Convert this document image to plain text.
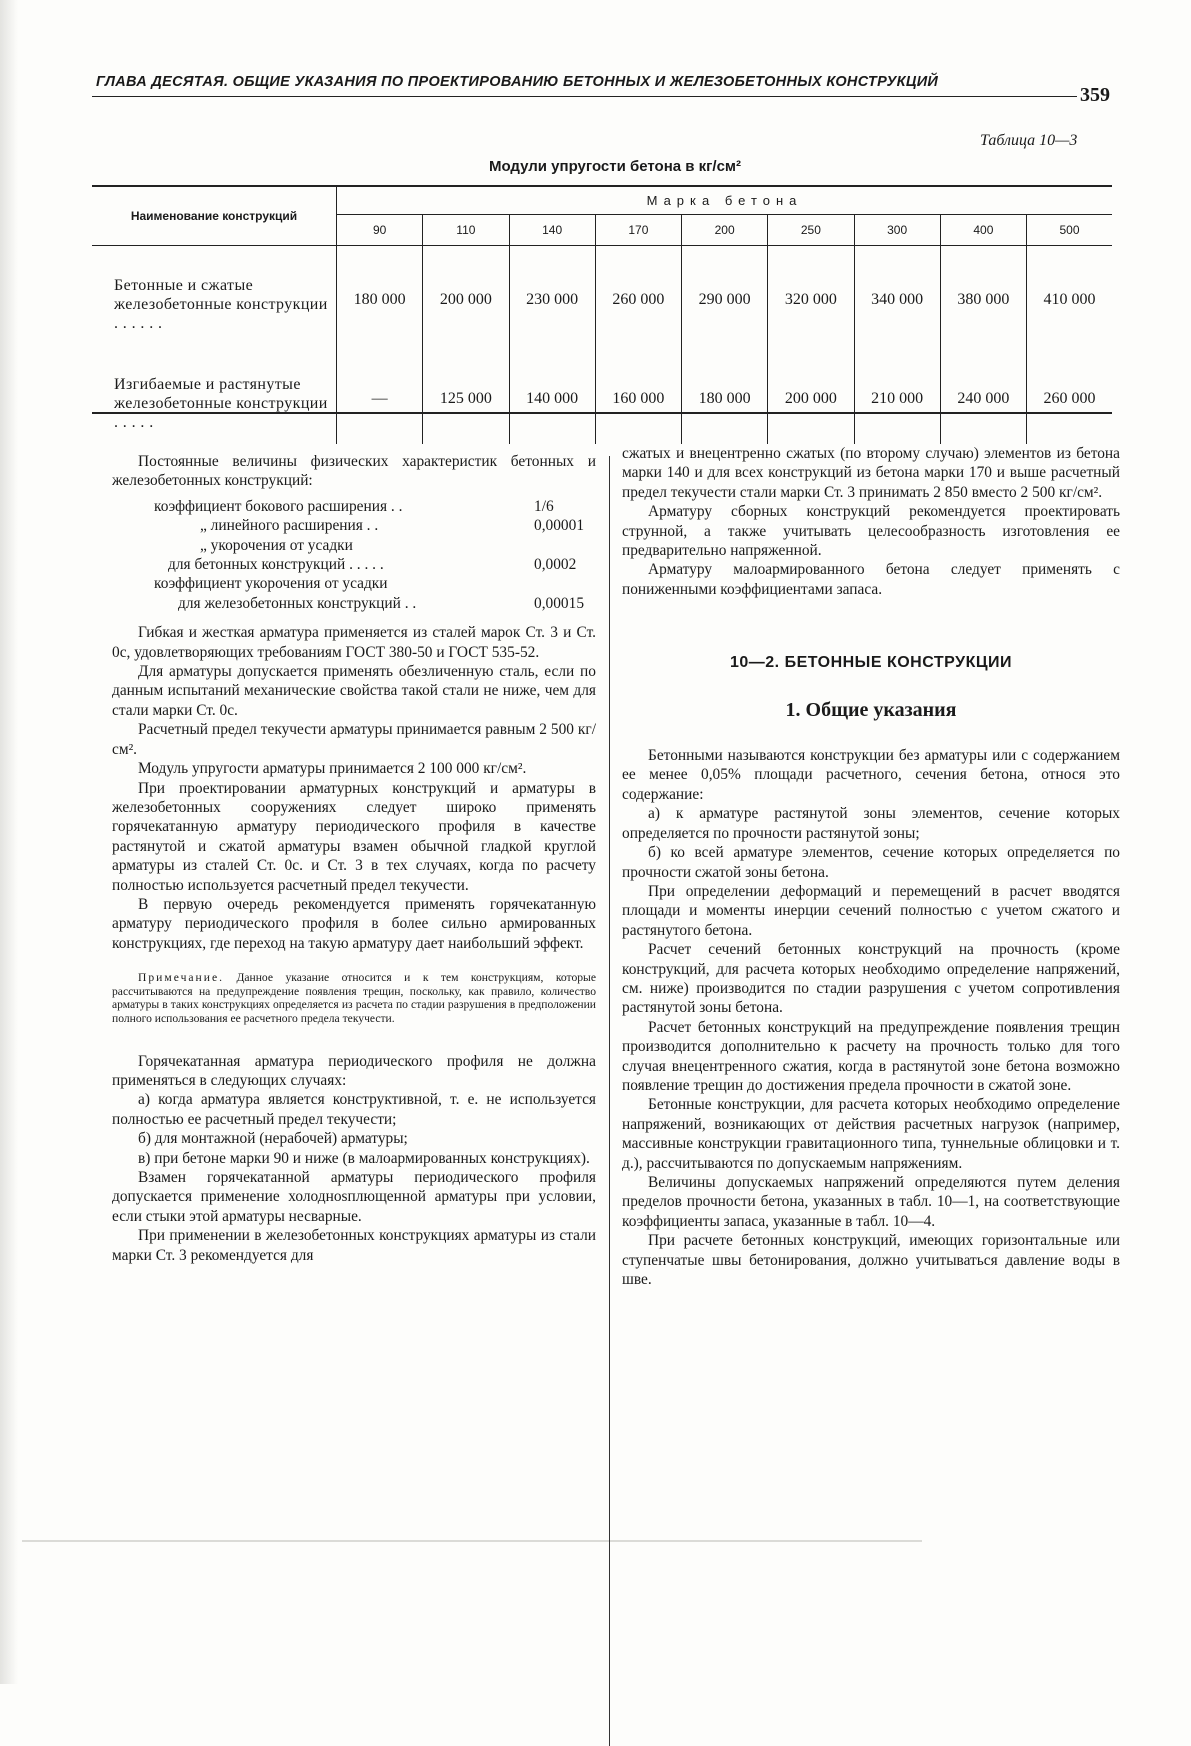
ГЛАВА ДЕСЯТАЯ. ОБЩИЕ УКАЗАНИЯ ПО ПРОЕКТИРОВАНИЮ БЕТОННЫХ И ЖЕЛЕЗОБЕТОННЫХ КОНСТРУКЦИЙ
359
Таблица 10—3
Модули упругости бетона в кг/см²
Наименование конструкций	Марка бетона								
	90	110	140	170	200	250	300	400	500
Бетонные и сжатые железобетонные конструкции . . . . . .	180 000	200 000	230 000	260 000	290 000	320 000	340 000	380 000	410 000
Изгибаемые и растянутые железобетонные конструкции . . . . .	—	125 000	140 000	160 000	180 000	200 000	210 000	240 000	260 000

Постоянные величины физических характеристик бетонных и железобетонных конструкций:

коэффициент бокового расширения . .	1/6
„ линейного расширения . .	0,00001
„ укорочения от усадки
для бетонных конструкций . . . . .	0,0002
коэффициент укорочения от усадки
для железобетонных конструкций . .	0,00015

Гибкая и жесткая арматура применяется из сталей марок Ст. 3 и Ст. 0с, удовлетворяющих требованиям ГОСТ 380-50 и ГОСТ 535-52.

Для арматуры допускается применять обезличенную сталь, если по данным испытаний механические свойства такой стали не ниже, чем для стали марки Ст. 0с.

Расчетный предел текучести арматуры принимается равным 2 500 кг/см².

Модуль упругости арматуры принимается 2 100 000 кг/см².

При проектировании арматурных конструкций и арматуры в железобетонных сооружениях следует широко применять горячекатанную арматуру периодического профиля в качестве растянутой и сжатой арматуры взамен обычной гладкой круглой арматуры из сталей Ст. 0с. и Ст. 3 в тех случаях, когда по расчету полностью используется расчетный предел текучести.

В первую очередь рекомендуется применять горячекатанную арматуру периодического профиля в более сильно армированных конструкциях, где переход на такую арматуру дает наибольший эффект.

Примечание. Данное указание относится и к тем конструкциям, которые рассчитываются на предупреждение появления трещин, поскольку, как правило, количество арматуры в таких конструкциях определяется из расчета по стадии разрушения в предположении полного использования ее расчетного предела текучести.

Горячекатанная арматура периодического профиля не должна применяться в следующих случаях:

а) когда арматура является конструктивной, т. е. не используется полностью ее расчетный предел текучести;

б) для монтажной (нерабочей) арматуры;

в) при бетоне марки 90 и ниже (в малоармированных конструкциях).

Взамен горячекатанной арматуры периодического профиля допускается применение холоднosплющенной арматуры при условии, если стыки этой арматуры несварные.

При применении в железобетонных конструкциях арматуры из стали марки Ст. 3 рекомендуется для

сжатых и внецентренно сжатых (по второму случаю) элементов из бетона марки 140 и для всех конструкций из бетона марки 170 и выше расчетный предел текучести стали марки Ст. 3 принимать 2 850 вместо 2 500 кг/см².

Арматуру сборных конструкций рекомендуется проектировать струнной, а также учитывать целесообразность изготовления ее предварительно напряженной.

Арматуру малоармированного бетона следует применять с пониженными коэффициентами запаса.

10—2. БЕТОННЫЕ КОНСТРУКЦИИ

1. Общие указания

Бетонными называются конструкции без арматуры или с содержанием ее менее 0,05% площади расчетного, сечения бетона, относя это содержание:

а) к арматуре растянутой зоны элементов, сечение которых определяется по прочности растянутой зоны;

б) ко всей арматуре элементов, сечение которых определяется по прочности сжатой зоны бетона.

При определении деформаций и перемещений в расчет вводятся площади и моменты инерции сечений полностью с учетом сжатого и растянутого бетона.

Расчет сечений бетонных конструкций на прочность (кроме конструкций, для расчета которых необходимо определение напряжений, см. ниже) производится по стадии разрушения с учетом сопротивления растянутой зоны бетона.

Расчет бетонных конструкций на предупреждение появления трещин производится дополнительно к расчету на прочность только для того случая внецентренного сжатия, когда в растянутой зоне бетона возможно появление трещин до достижения предела прочности в сжатой зоне.

Бетонные конструкции, для расчета которых необходимо определение напряжений, возникающих от действия расчетных нагрузок (например, массивные конструкции гравитационного типа, туннельные облицовки и т. д.), рассчитываются по допускаемым напряжениям.

Величины допускаемых напряжений определяются путем деления пределов прочности бетона, указанных в табл. 10—1, на соответствующие коэффициенты запаса, указанные в табл. 10—4.

При расчете бетонных конструкций, имеющих горизонтальные или ступенчатые швы бетонирования, должно учитываться давление воды в шве.
